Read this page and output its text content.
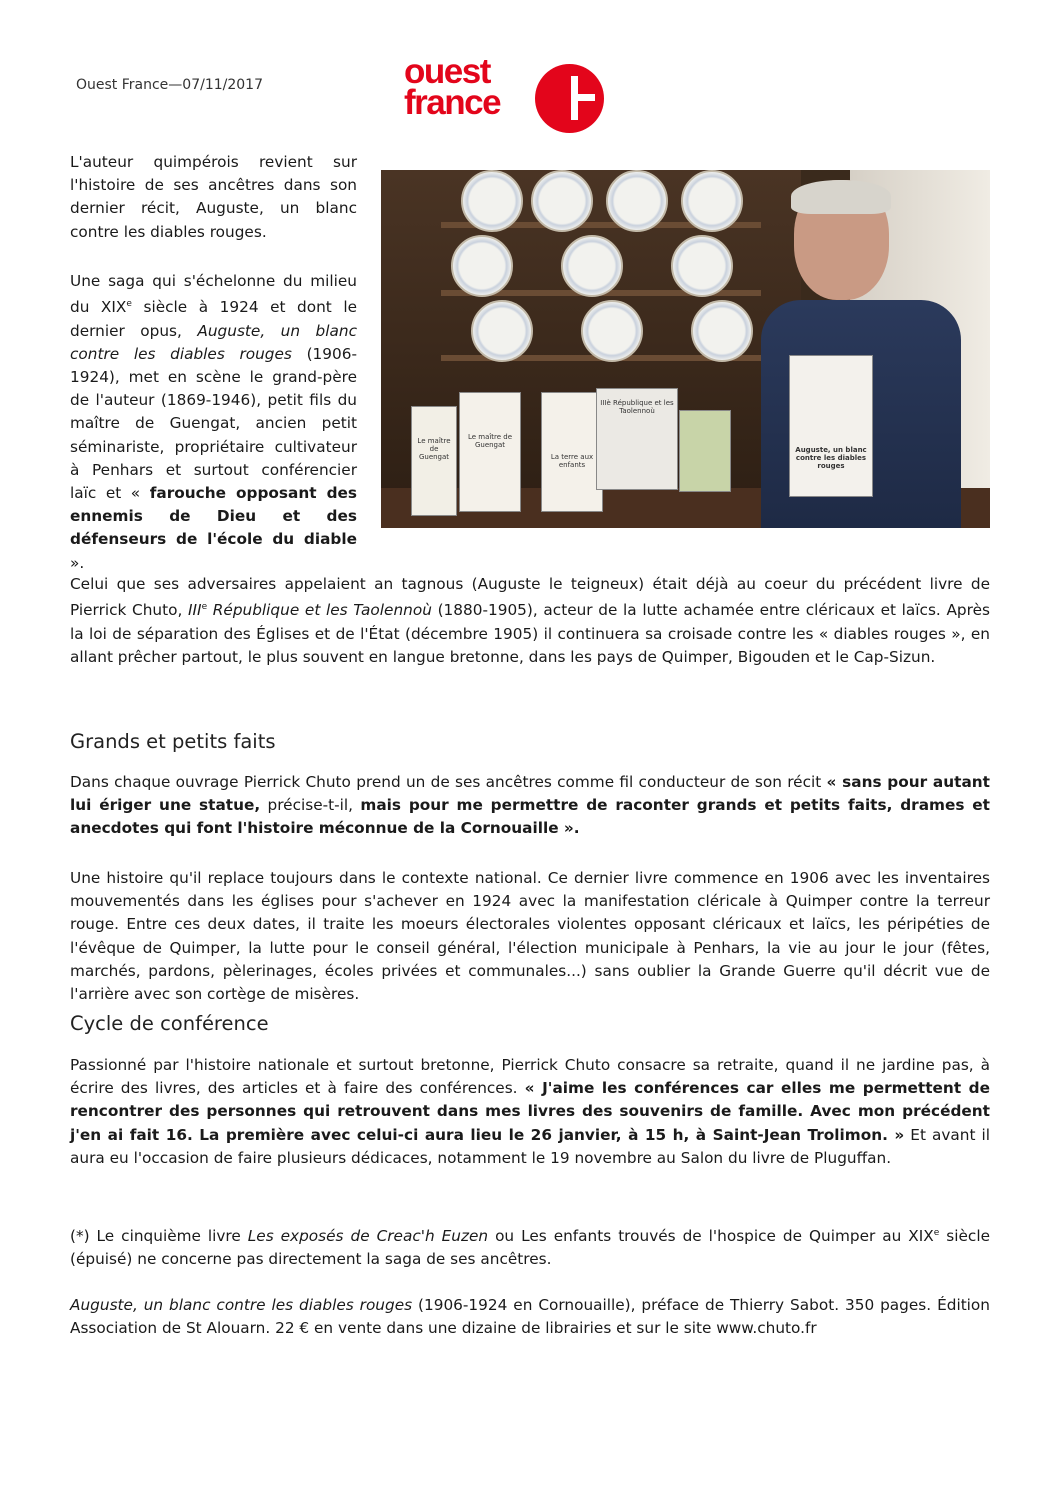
Ouest France—07/11/2017	ouest
france

L'auteur quimpérois revient sur l'histoire de ses ancêtres dans son dernier récit, Auguste, un blanc contre les diables rouges.

Une saga qui s'échelonne du milieu du XIXe siècle à 1924 et dont le dernier opus, Auguste, un blanc contre les diables rouges (1906-1924), met en scène le grand-père de l'auteur (1869-1946), petit fils du maître de Guengat, ancien petit séminariste, propriétaire cultivateur à Penhars et surtout conférencier laïc et « farouche opposant des ennemis de Dieu et des défenseurs de l'école du diable ».

Le maître de Guengat
Le maître de Guengat
La terre aux enfants
IIIè République et les Taolennoù
Auguste, un blanc contre les diables rouges

Celui que ses adversaires appelaient an tagnous (Auguste le teigneux) était déjà au coeur du précédent livre de Pierrick Chuto, IIIe République et les Taolennoù (1880-1905), acteur de la lutte achamée entre cléricaux et laïcs. Après la loi de séparation des Églises et de l'État (décembre 1905) il continuera sa croisade contre les « diables rouges », en allant prêcher partout, le plus souvent en langue bretonne, dans les pays de Quimper, Bigouden et le Cap-Sizun.

Grands et petits faits

Dans chaque ouvrage Pierrick Chuto prend un de ses ancêtres comme fil conducteur de son récit « sans pour autant lui ériger une statue, précise-t-il, mais pour me permettre de raconter grands et petits faits, drames et anecdotes qui font l'histoire méconnue de la Cornouaille ».

Une histoire qu'il replace toujours dans le contexte national. Ce dernier livre commence en 1906 avec les inventaires mouvementés dans les églises pour s'achever en 1924 avec la manifestation cléricale à Quimper contre la terreur rouge. Entre ces deux dates, il traite les moeurs électorales violentes opposant cléricaux et laïcs, les péripéties de l'évêque de Quimper, la lutte pour le conseil général, l'élection municipale à Penhars, la vie au jour le jour (fêtes, marchés, pardons, pèlerinages, écoles privées et communales...) sans oublier la Grande Guerre qu'il décrit vue de l'arrière avec son cortège de misères.

Cycle de conférence

Passionné par l'histoire nationale et surtout bretonne, Pierrick Chuto consacre sa retraite, quand il ne jardine pas, à écrire des livres, des articles et à faire des conférences. « J'aime les conférences car elles me permettent de rencontrer des personnes qui retrouvent dans mes livres des souvenirs de famille. Avec mon précédent j'en ai fait 16. La première avec celui-ci aura lieu le 26 janvier, à 15 h, à Saint-Jean Trolimon. » Et avant il aura eu l'occasion de faire plusieurs dédicaces, notamment le 19 novembre au Salon du livre de Pluguffan.

(*) Le cinquième livre Les exposés de Creac'h Euzen ou Les enfants trouvés de l'hospice de Quimper au XIXe siècle (épuisé) ne concerne pas directement la saga de ses ancêtres.

Auguste, un blanc contre les diables rouges (1906-1924 en Cornouaille), préface de Thierry Sabot. 350 pages. Édition Association de St Alouarn. 22 € en vente dans une dizaine de librairies et sur le site www.chuto.fr
